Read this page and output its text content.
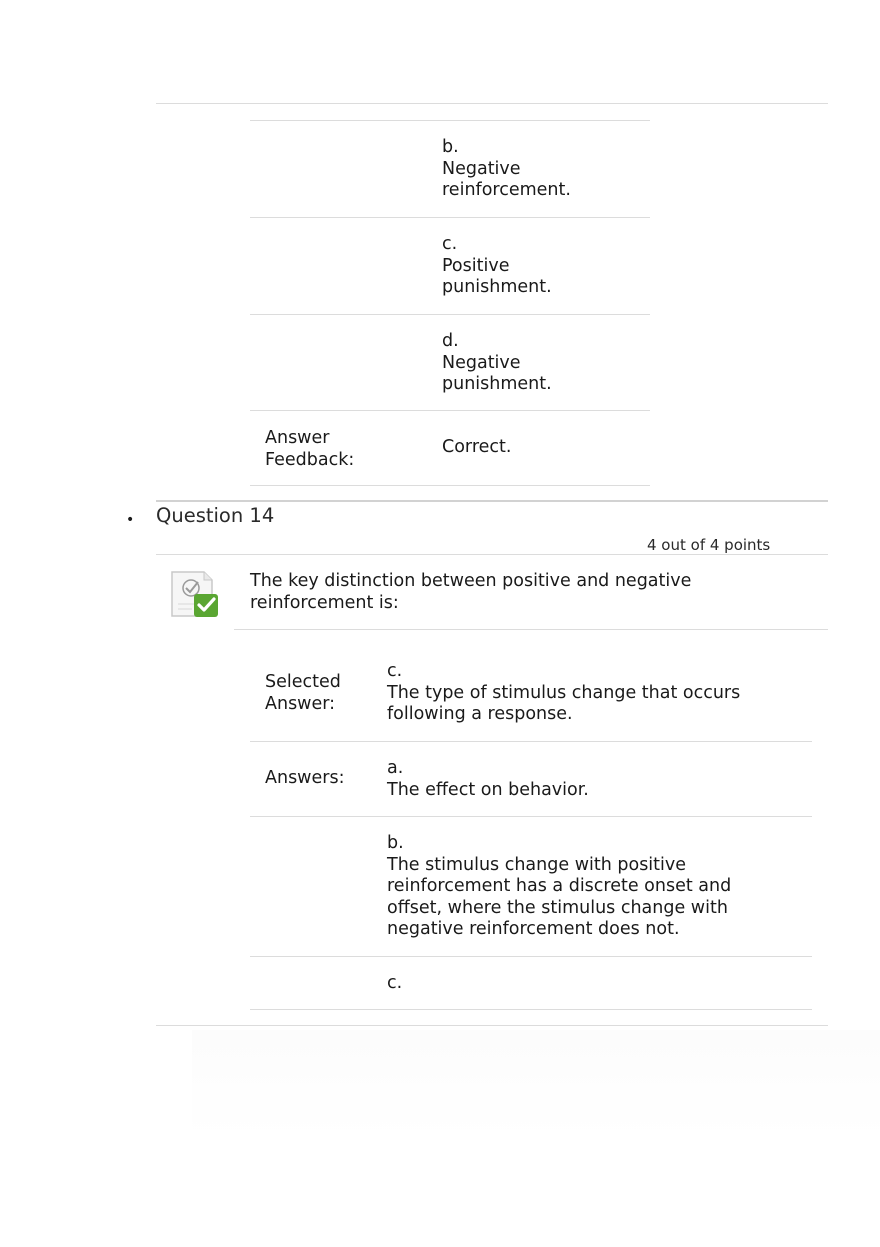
b.
Negative
reinforcement.
c.
Positive
punishment.
d.
Negative
punishment.
Answer
Feedback:
Correct.
• Question 14
4 out of 4 points
The key distinction between positive and negative
reinforcement is:
Selected
Answer:
c.
The type of stimulus change that occurs
following a response.
Answers: a.
The effect on behavior.
b.
The stimulus change with positive
reinforcement has a discrete onset and
offset, where the stimulus change with
negative reinforcement does not.
c.
